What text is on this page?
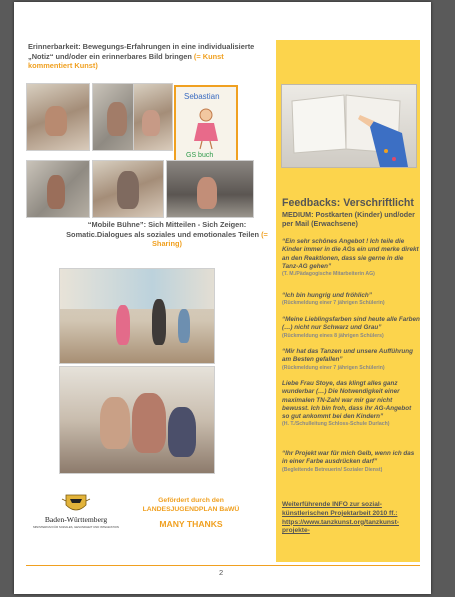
Erinnerbarkeit: Bewegungs-Erfahrungen in eine individualisierte „Notiz“ und/oder ein erinnerbares Bild bringen (= Kunst kommentiert Kunst)

Sebastian
GS buch

“Mobile Bühne”: Sich Mitteilen - Sich Zeigen: Somatic.Dialogues als soziales und emotionales Teilen (= Sharing)

Feedbacks: Verschriftlicht

MEDIUM: Postkarten (Kinder) und/oder per Mail (Erwachsene)

“Ein sehr schönes Angebot ! Ich teile die Kinder immer in die AGs ein und merke direkt an den Reaktionen, dass sie gerne in die Tanz-AG gehen”
(T. M./Pädagogische Mitarbeiterin AG)

“Ich bin hungrig und fröhlich”
(Rückmeldung einer 7 jährigen Schülerin)

“Meine Lieblingsfarben sind heute alle Farben (…) nicht nur Schwarz und Grau”
(Rückmeldung eines 8 jährigen Schülers)

“Mir hat das Tanzen und unsere Aufführung am Besten gefallen”
(Rückmeldung einer 7 jährigen Schülerin)

Liebe Frau Stoye, das klingt alles ganz wunderbar (…) Die Notwendigkeit einer maximalen TN-Zahl war mir gar nicht bewusst. Ich bin froh, dass ihr AG-Angebot so gut ankommt bei den Kindern”
(H. T./Schulleitung Schloss-Schule Durlach)

“Ihr Projekt war für mich Gelb, wenn ich das in einer Farbe ausdrücken darf”
(Begleitende Betreuerin/ Sozialer Dienst)

Weiterführende INFO zur sozial-künstlerischen Projektarbeit 2010 ff.:
https://www.tanzkunst.org/tanzkunst-projekte-

Baden-Württemberg
MINISTERIUM FÜR SOZIALES, GESUNDHEIT UND INTEGRATION

Gefördert durch den LANDESJUGENDPLAN BaWÜ

MANY THANKS

2
